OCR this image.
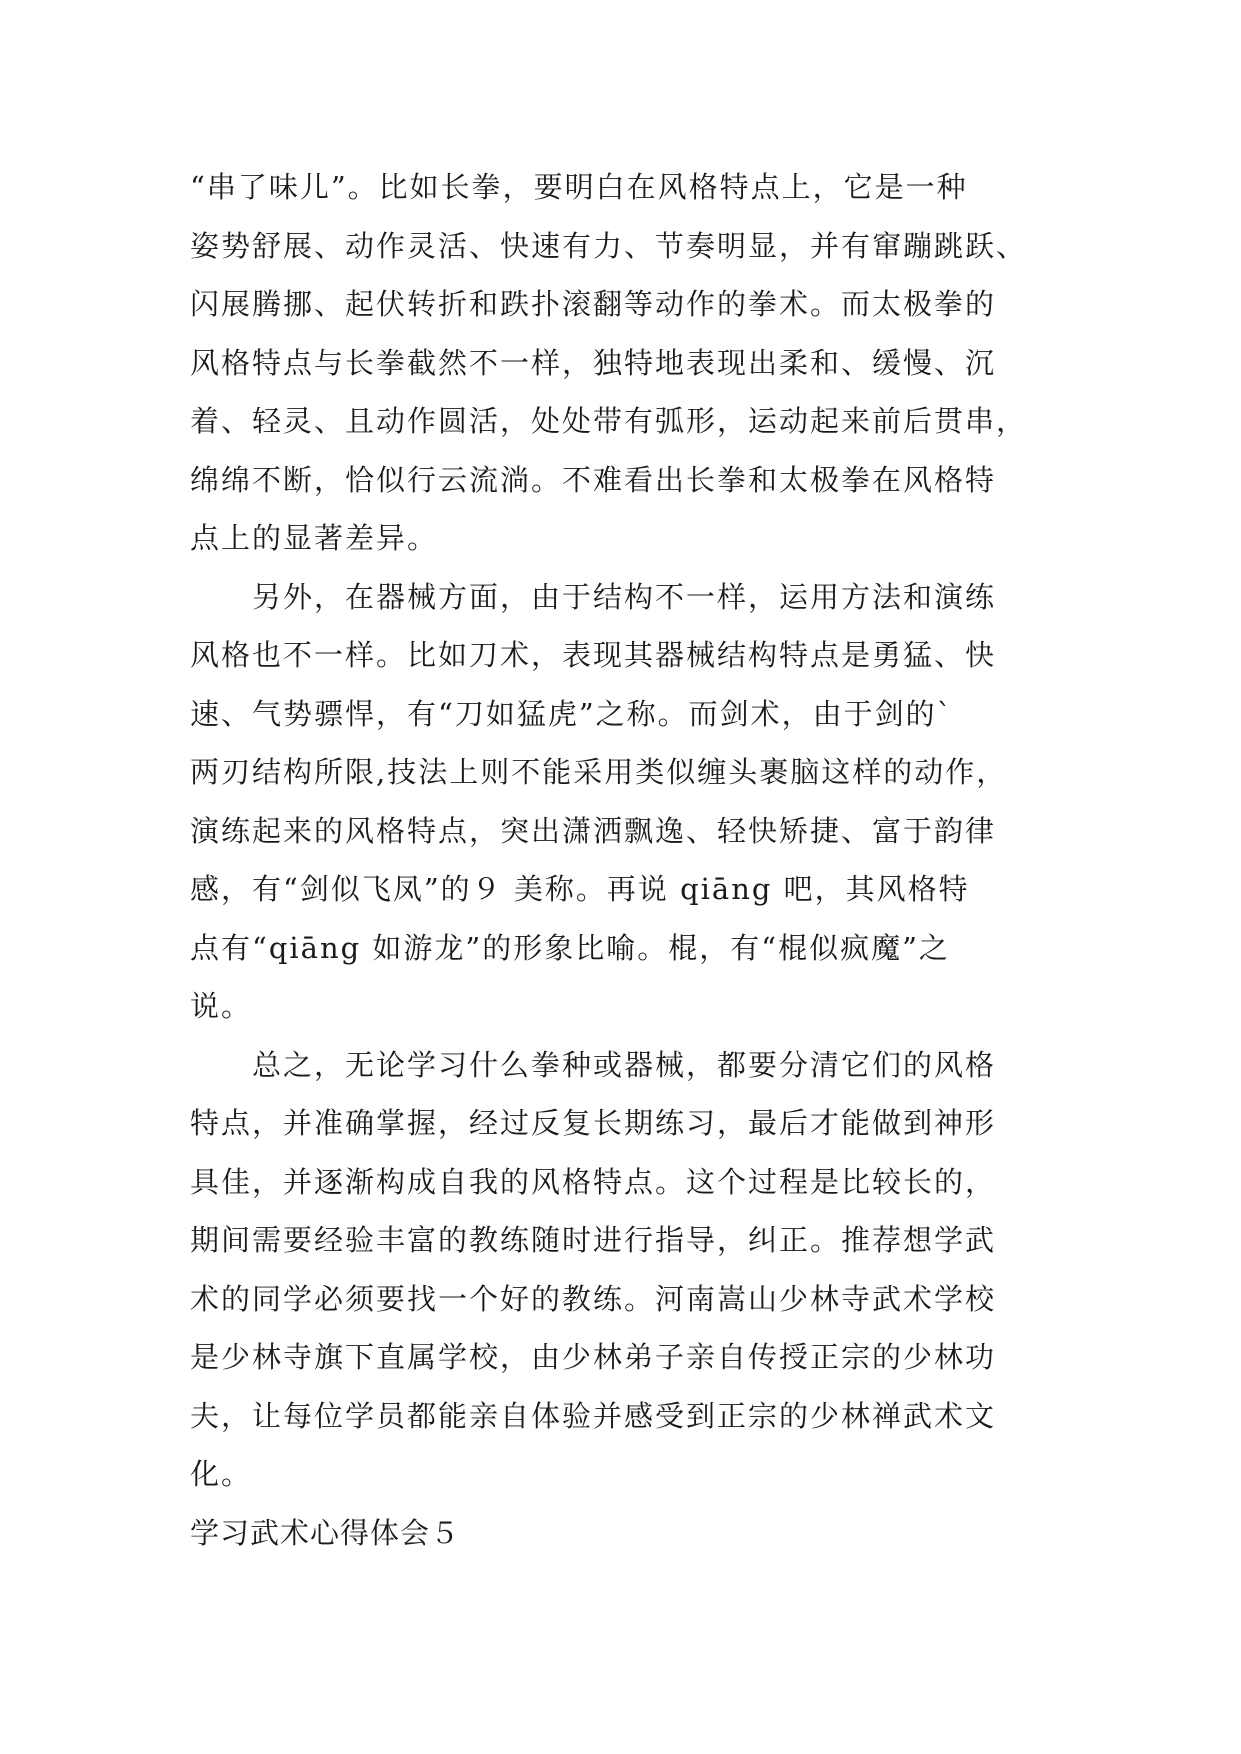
“串了味儿”。比如长拳，要明白在风格特点上，它是一种
姿势舒展、动作灵活、快速有力、节奏明显，并有窜蹦跳跃、
闪展腾挪、起伏转折和跌扑滚翻等动作的拳术。而太极拳的
风格特点与长拳截然不一样，独特地表现出柔和、缓慢、沉
着、轻灵、且动作圆活，处处带有弧形，运动起来前后贯串，
绵绵不断，恰似行云流淌。不难看出长拳和太极拳在风格特
点上的显著差异。
　　另外，在器械方面，由于结构不一样，运用方法和演练
风格也不一样。比如刀术，表现其器械结构特点是勇猛、快
速、气势骠悍，有“刀如猛虎”之称。而剑术，由于剑的`
两刃结构所限,技法上则不能采用类似缠头裹脑这样的动作，
演练起来的风格特点，突出潇洒飘逸、轻快矫捷、富于韵律
感，有“剑似飞凤”的９ 美称。再说 qiāng 吧，其风格特
点有“qiāng 如游龙”的形象比喻。棍，有“棍似疯魔”之
说。
　　总之，无论学习什么拳种或器械，都要分清它们的风格
特点，并准确掌握，经过反复长期练习，最后才能做到神形
具佳，并逐渐构成自我的风格特点。这个过程是比较长的，
期间需要经验丰富的教练随时进行指导，纠正。推荐想学武
术的同学必须要找一个好的教练。河南嵩山少林寺武术学校
是少林寺旗下直属学校，由少林弟子亲自传授正宗的少林功
夫，让每位学员都能亲自体验并感受到正宗的少林禅武术文
化。
学习武术心得体会５
